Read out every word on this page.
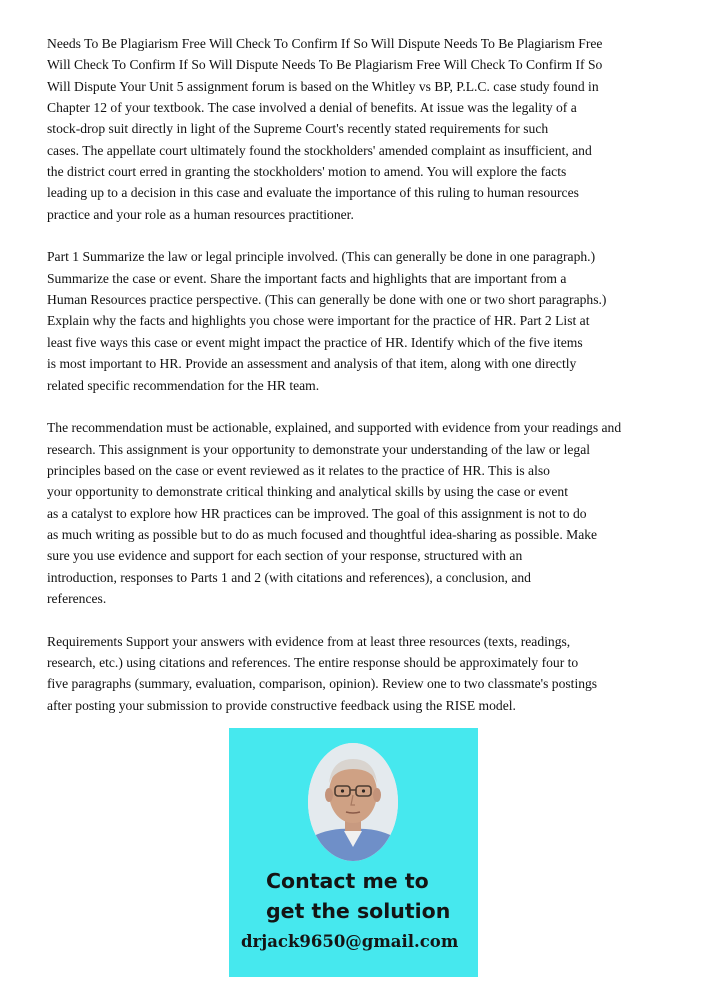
Needs To Be Plagiarism Free Will Check To Confirm If So Will Dispute Needs To Be Plagiarism Free
Will Check To Confirm If So Will Dispute Needs To Be Plagiarism Free Will Check To Confirm If So
Will Dispute Your Unit 5 assignment forum is based on the Whitley vs BP, P.L.C. case study found in
Chapter 12 of your textbook. The case involved a denial of benefits. At issue was the legality of a
stock-drop suit directly in light of the Supreme Court's recently stated requirements for such
cases. The appellate court ultimately found the stockholders' amended complaint as insufficient, and
the district court erred in granting the stockholders' motion to amend. You will explore the facts
leading up to a decision in this case and evaluate the importance of this ruling to human resources
practice and your role as a human resources practitioner.

Part 1 Summarize the law or legal principle involved. (This can generally be done in one paragraph.)
Summarize the case or event. Share the important facts and highlights that are important from a
Human Resources practice perspective. (This can generally be done with one or two short paragraphs.)
Explain why the facts and highlights you chose were important for the practice of HR. Part 2 List at
least five ways this case or event might impact the practice of HR. Identify which of the five items
is most important to HR. Provide an assessment and analysis of that item, along with one directly
related specific recommendation for the HR team.

The recommendation must be actionable, explained, and supported with evidence from your readings and
research. This assignment is your opportunity to demonstrate your understanding of the law or legal
principles based on the case or event reviewed as it relates to the practice of HR. This is also
your opportunity to demonstrate critical thinking and analytical skills by using the case or event
as a catalyst to explore how HR practices can be improved. The goal of this assignment is not to do
as much writing as possible but to do as much focused and thoughtful idea-sharing as possible. Make
sure you use evidence and support for each section of your response, structured with an
introduction, responses to Parts 1 and 2 (with citations and references), a conclusion, and
references.

Requirements Support your answers with evidence from at least three resources (texts, readings,
research, etc.) using citations and references. The entire response should be approximately four to
five paragraphs (summary, evaluation, comparison, opinion). Review one to two classmate's postings
after posting your submission to provide constructive feedback using the RISE model.

Contact me to
get the solution
drjack9650@gmail.com
